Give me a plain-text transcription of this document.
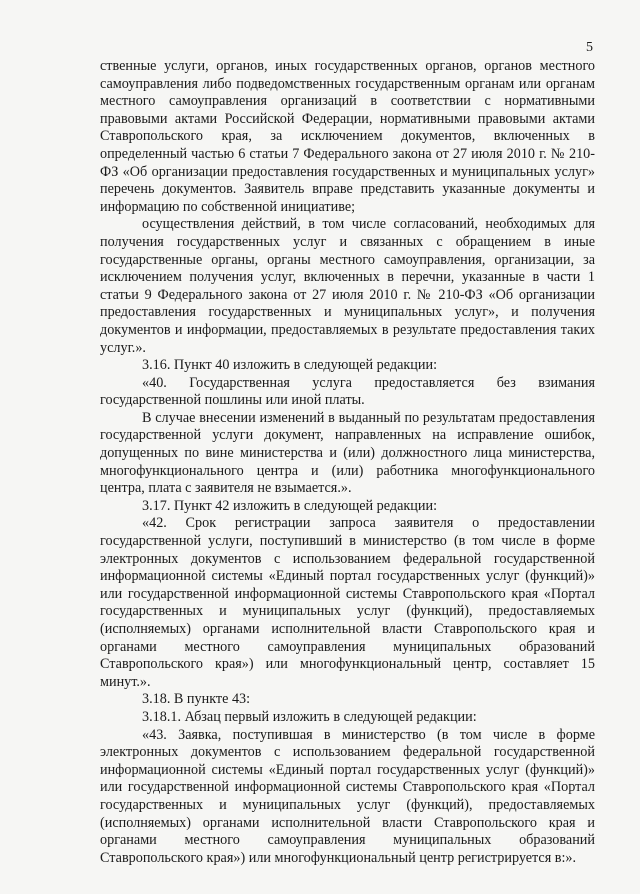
5

ственные услуги, органов, иных государственных органов, органов местного самоуправления либо подведомственных государственным органам или органам местного самоуправления организаций в соответствии с нормативными правовыми актами Российской Федерации, нормативными правовыми актами Ставропольского края, за исключением документов, включенных в определенный частью 6 статьи 7 Федерального закона от 27 июля 2010 г. № 210-ФЗ «Об организации предоставления государственных и муниципальных услуг» перечень документов. Заявитель вправе представить указанные документы и информацию по собственной инициативе;

осуществления действий, в том числе согласований, необходимых для получения государственных услуг и связанных с обращением в иные государственные органы, органы местного самоуправления, организации, за исключением получения услуг, включенных в перечни, указанные в части 1 статьи 9 Федерального закона от 27 июля 2010 г. № 210-ФЗ «Об организации предоставления государственных и муниципальных услуг», и получения документов и информации, предоставляемых в результате предоставления таких услуг.».

3.16. Пункт 40 изложить в следующей редакции:

«40. Государственная услуга предоставляется без взимания государственной пошлины или иной платы.

В случае внесении изменений в выданный по результатам предоставления государственной услуги документ, направленных на исправление ошибок, допущенных по вине министерства и (или) должностного лица министерства, многофункционального центра и (или) работника многофункционального центра, плата с заявителя не взымается.».

3.17. Пункт 42 изложить в следующей редакции:

«42. Срок регистрации запроса заявителя о предоставлении государственной услуги, поступивший в министерство (в том числе в форме электронных документов с использованием федеральной государственной информационной системы «Единый портал государственных услуг (функций)» или государственной информационной системы Ставропольского края «Портал государственных и муниципальных услуг (функций), предоставляемых (исполняемых) органами исполнительной власти Ставропольского края и органами местного самоуправления муниципальных образований Ставропольского края») или многофункциональный центр, составляет 15 минут.».

3.18. В пункте 43:

3.18.1. Абзац первый изложить в следующей редакции:

«43. Заявка, поступившая в министерство (в том числе в форме электронных документов с использованием федеральной государственной информационной системы «Единый портал государственных услуг (функций)» или государственной информационной системы Ставропольского края «Портал государственных и муниципальных услуг (функций), предоставляемых (исполняемых) органами исполнительной власти Ставропольского края и органами местного самоуправления муниципальных образований Ставропольского края») или многофункциональный центр регистрируется в:».
